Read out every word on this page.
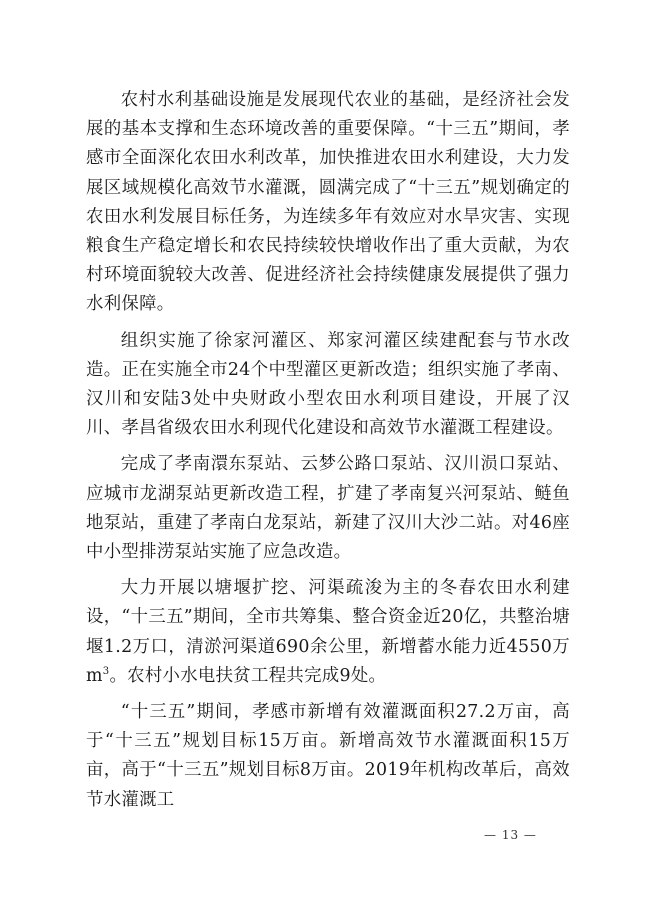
农村水利基础设施是发展现代农业的基础，是经济社会发展的基本支撑和生态环境改善的重要保障。“十三五”期间，孝感市全面深化农田水利改革，加快推进农田水利建设，大力发展区域规模化高效节水灌溉，圆满完成了“十三五”规划确定的农田水利发展目标任务，为连续多年有效应对水旱灾害、实现粮食生产稳定增长和农民持续较快增收作出了重大贡献，为农村环境面貌较大改善、促进经济社会持续健康发展提供了强力水利保障。

组织实施了徐家河灌区、郑家河灌区续建配套与节水改造。正在实施全市24个中型灌区更新改造；组织实施了孝南、汉川和安陆3处中央财政小型农田水利项目建设，开展了汉川、孝昌省级农田水利现代化建设和高效节水灌溉工程建设。

完成了孝南澴东泵站、云梦公路口泵站、汉川涢口泵站、应城市龙湖泵站更新改造工程，扩建了孝南复兴河泵站、鲢鱼地泵站，重建了孝南白龙泵站，新建了汉川大沙二站。对46座中小型排涝泵站实施了应急改造。

大力开展以塘堰扩挖、河渠疏浚为主的冬春农田水利建设，“十三五”期间，全市共筹集、整合资金近20亿，共整治塘堰1.2万口，清淤河渠道690余公里，新增蓄水能力近4550万$m^3$。农村小水电扶贫工程共完成9处。

“十三五”期间，孝感市新增有效灌溉面积27.2万亩，高于“十三五”规划目标15万亩。新增高效节水灌溉面积15万亩，高于“十三五”规划目标8万亩。2019年机构改革后，高效节水灌溉工

— 13 —
